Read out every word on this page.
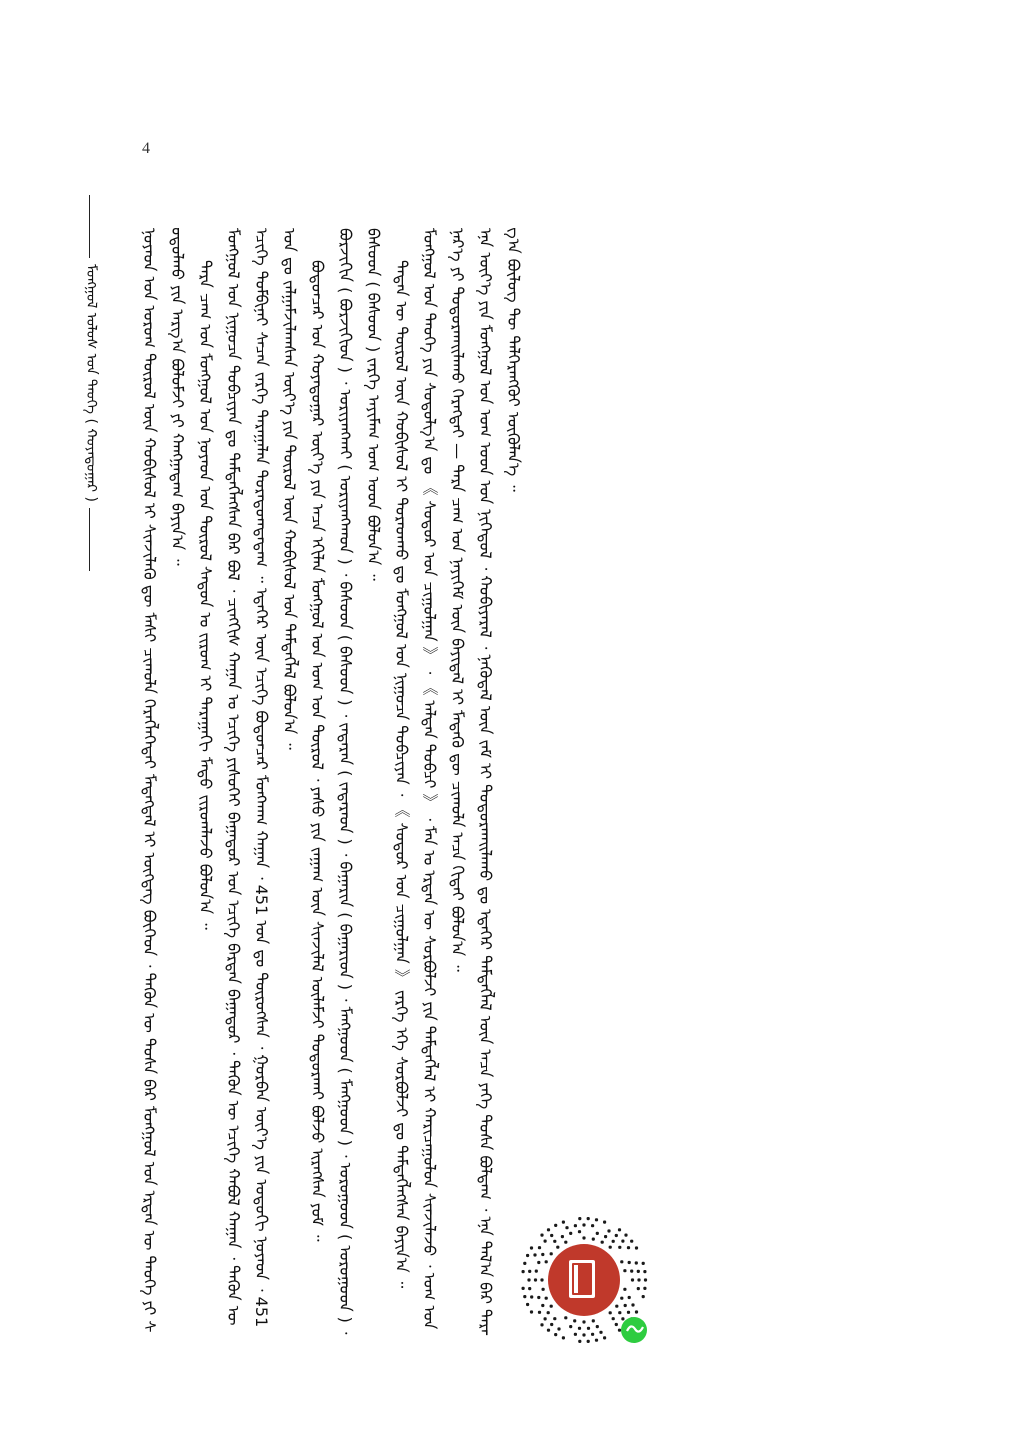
4
ᠮᠣᠩᠭᠣᠯ ᠤᠯᠤᠰ ᠤᠨ ᠲᠡᠦᠬᠡ ( ᠬᠣᠶᠠᠳᠤᠭᠠᠷ )	ᠨᠣᠶᠠᠳ ᠤᠨ ᠤᠷᠤᠭ ᠲᠥᠷᠥᠯ ᠦᠨ ᠬᠤᠪᠢᠰᠤᠯ ᠢ ᠰᠢᠨᠵᠢᠯᠡᠬᠦ ᠳᠦ ᠮᠠᠰᠢ ᠴᠢᠬᠤᠯᠠ ᠬᠡᠷᠡᠭᠯᠡᠭᠡᠲᠡᠢ ᠮᠡᠳᠡᠭᠳᠡᠯ ᠢ ᠥᠭᠳᠡᠭ ᠪᠥᠭᠡᠳ ᠂ ᠲᠡᠭᠦᠨ ᠦ ᠲᠤᠰᠠ ᠪᠠᠷ ᠮᠣᠩᠭᠣᠯ ᠤᠨ ᠡᠷᠲᠡᠨ ᠦ ᠲᠡᠦᠬᠡ ᠶᠢ ᠰᠤᠳᠤᠯᠬᠤ ᠶᠢᠨ ᠠᠷᠭ᠎ᠠ ᠪᠣᠯᠤᠮᠵᠢ ᠶᠢ ᠬᠠᠩᠭᠠᠳᠠᠭ ᠪᠠᠶᠢᠨ᠎ᠠ ᠃ ᠲᠡᠷᠡ ᠴᠠᠭ ᠤᠨ ᠮᠣᠩᠭᠣᠯ ᠤᠨ ᠨᠣᠶᠠᠳ ᠤᠨ ᠲᠥᠷᠥᠯ ᠰᠠᠳᠤᠨ ᠤ ᠵᠢᠷᠤᠭ ᠢ ᠳᠠᠷᠠᠭᠠᠬᠢ ᠮᠡᠲᠦ ᠵᠢᠷᠤᠭᠯᠠᠵᠤ ᠪᠣᠯᠤᠨ᠎ᠠ ᠃ ᠮᠣᠩᠭᠣᠯ ᠤᠨ ᠨᠢᠭᠤᠴᠠ ᠲᠣᠪᠴᠢᠶᠠᠨ ᠳᠤ ᠲᠡᠮᠳᠡᠭᠯᠡᠭᠰᠡᠨ ᠪᠠᠷ ᠪᠣᠯ ᠂ ᠴᠢᠩᠭᠢᠰ ᠬᠠᠭᠠᠨ ᠤ ᠡᠴᠢᠭᠡ ᠶᠢᠰᠦᠭᠡᠢ ᠪᠠᠭᠠᠲᠤᠷ ᠤᠨ ᠡᠴᠢᠭᠡ ᠪᠠᠷᠲᠠᠨ ᠪᠠᠭᠠᠲᠤᠷ ᠂ ᠲᠡᠭᠦᠨ ᠦ ᠡᠴᠢᠭᠡ ᠬᠠᠪᠤᠯ ᠬᠠᠭᠠᠨ ᠂ ᠲᠡᠭᠦᠨ ᠦ ᠡᠴᠢᠭᠡ ᠲᠤᠮᠪᠢᠨᠠᠢ ᠰᠡᠴᠡᠨ ᠵᠡᠷᠭᠡ ᠳᠠᠷᠠᠭᠠᠯᠠᠨ ᠳᠤᠷᠠᠳᠤᠭᠳᠠᠳᠠᠭ ᠃ ᠡᠳᠡᠭᠡᠷ ᠦᠨ ᠡᠴᠢᠭᠡ ᠪᠣᠳᠤᠨᠴᠠᠷ ᠮᠤᠩᠬᠠᠭ ᠬᠠᠭᠠᠨ ᠂ 451 ᠣᠨ ᠳᠤ ᠲᠥᠷᠥᠭᠰᠡᠨ ᠂ ᠭᠤᠷᠪᠠᠨ ᠦᠶ᠎ᠡ ᠶᠢᠨ ᠣᠳᠤᠬᠢ ᠨᠣᠶᠠᠳ ᠂ 451 ᠣᠨ ᠳᠤ ᠵᠠᠯᠭᠠᠮᠵᠢᠯᠠᠭᠰᠠᠨ ᠦᠶ᠎ᠡ ᠶᠢᠨ ᠲᠥᠷᠥᠯ ᠦᠨ ᠬᠤᠪᠢᠰᠤᠯ ᠤᠨ ᠲᠡᠮᠳᠡᠭᠯᠡᠯ ᠪᠣᠯᠤᠨ᠎ᠠ ᠃ ᠪᠣᠳᠤᠨᠴᠠᠷ ᠤᠨ ᠬᠣᠶᠠᠳᠤᠭᠠᠷ ᠦᠶ᠎ᠡ ᠶᠢᠨ ᠠᠴᠠ ᠡᠬᠢᠯᠡᠨ ᠮᠣᠩᠭᠣᠯ ᠤᠨ ᠣᠭ ᠤᠨ ᠲᠥᠷᠥᠯ ᠂ ᠶᠠᠰᠤ ᠶᠢᠨ ᠵᠠᠭᠠᠭ ᠦᠨ ᠰᠢᠨᠵᠢᠯᠡᠯ ᠦᠯᠡᠮᠵᠢ ᠲᠣᠳᠣᠷᠬᠠᠢ ᠪᠣᠯᠵᠤ ᠢᠷᠡᠭᠰᠡᠨ ᠶᠤᠮ ᠃ ᠪᠣᠷᠵᠢᠭᠢᠨ ( ᠪᠣᠷᠵᠢᠭᠢᠳ ) ᠂ ᠣᠷᠢᠶᠠᠩᠬᠠᠢ ( ᠣᠷᠢᠶᠠᠩᠬᠠᠳ ) ᠂ ᠪᠡᠰᠦᠳ ( ᠪᠡᠰᠦᠳ ) ᠂ ᠵᠠᠳᠠᠷᠠᠨ ( ᠵᠠᠳᠠᠷᠠᠳ ) ᠂ ᠪᠠᠭᠠᠷᠢᠨ ( ᠪᠠᠭᠠᠷᠢᠳ ) ᠂ ᠮᠠᠩᠭᠤᠳ ( ᠮᠠᠩᠭᠤᠳ ) ᠂ ᠤᠷᠤᠭᠤᠳ ( ᠤᠷᠤᠭᠤᠳ ) ᠂ ᠪᠡᠰᠦᠳ ( ᠪᠡᠰᠦᠳ ) ᠵᠡᠷᠭᠡ ᠠᠶᠢᠮᠠᠭ ᠣᠭ ᠤᠳ ᠪᠣᠯᠤᠨ᠎ᠠ ᠃ ᠲᠡᠳᠡᠨ ᠦ ᠲᠥᠷᠥᠯ ᠦᠨ ᠬᠤᠪᠢᠰᠤᠯ ᠢ ᠳᠤᠷᠠᠳᠬᠤ ᠳᠤ ᠮᠣᠩᠭᠣᠯ ᠤᠨ ᠨᠢᠭᠤᠴᠠ ᠲᠣᠪᠴᠢᠶᠠᠨ ᠂ 《 ᠰᠤᠳᠤᠷ ᠤᠨ ᠴᠢᠭᠤᠯᠭᠠᠨ 》 ᠵᠡᠷᠭᠡ ᠡᠬᠡ ᠰᠤᠷᠪᠤᠯᠵᠢ ᠳᠤ ᠲᠡᠮᠳᠡᠭᠯᠡᠭᠰᠡᠨ ᠪᠠᠶᠢᠨ᠎ᠠ ᠃ ᠮᠣᠩᠭᠣᠯ ᠤᠨ ᠲᠡᠦᠬᠡ ᠶᠢᠨ ᠰᠤᠳᠤᠯᠭ᠎ᠠ ᠳᠤ 《 ᠰᠤᠳᠤᠷ ᠤᠨ ᠴᠢᠭᠤᠯᠭᠠᠨ 》 ᠂ 《 ᠠᠯᠲᠠᠨ ᠲᠣᠪᠴᠢ 》 ᠂ ᠮᠠᠨ ᠤ ᠡᠷᠲᠡᠨ ᠦ ᠰᠤᠷᠪᠤᠯᠵᠢ ᠶᠢᠨ ᠲᠡᠮᠳᠡᠭᠯᠡᠯ ᠢ ᠬᠠᠷᠢᠴᠠᠭᠤᠯᠤᠨ ᠰᠢᠨᠵᠢᠯᠡᠵᠦ ᠂ ᠣᠭ ᠤᠨ ᠨᠡᠷ᠎ᠡ ᠶᠢ ᠲᠣᠳᠣᠷᠬᠠᠢᠯᠠᠬᠤ ᠬᠡᠷᠡᠭᠲᠡᠢ — ᠲᠡᠷᠡ ᠴᠠᠭ ᠤᠨ ᠨᠡᠶᠢᠭᠡᠮ ᠦᠨ ᠪᠠᠶᠢᠳᠠᠯ ᠢ ᠮᠡᠳᠡᠬᠦ ᠳᠦ ᠴᠢᠬᠤᠯᠠ ᠠᠴᠠ ᠬᠢᠲᠠᠢ ᠪᠣᠯᠤᠨ᠎ᠠ ᠃ ᠡᠨᠡ ᠦᠶ᠎ᠡ ᠶᠢᠨ ᠮᠣᠩᠭᠣᠯ ᠤᠨ ᠣᠭ ᠤᠳ ᠤᠨ ᠨᠢᠭᠡᠳᠦᠯ ᠂ ᠬᠤᠪᠢᠶᠠᠷᠠᠯ ᠂ ᠨᠡᠭᠦᠳᠡᠯ ᠦᠨ ᠵᠠᠮ ᠢ ᠲᠣᠳᠣᠷᠬᠠᠢᠯᠠᠬᠤ ᠳᠤ ᠡᠳᠡᠭᠡᠷ ᠲᠡᠮᠳᠡᠭᠯᠡᠯ ᠦᠨ ᠠᠴᠠ ᠶᠡᠬᠡ ᠲᠤᠰᠠ ᠪᠣᠯᠳᠠᠭ ᠂ ᠡᠨᠡ ᠲᠠᠯ᠎ᠠ ᠪᠠᠷ ᠳᠠᠷᠠᠭ᠎ᠠ ᠪᠦᠯᠦᠭ ᠲᠦ ᠳᠡᠯᠭᠡᠷᠡᠩᠭᠦᠢ ᠥᠭᠦᠯᠡᠨ᠎ᠡ ᠃
